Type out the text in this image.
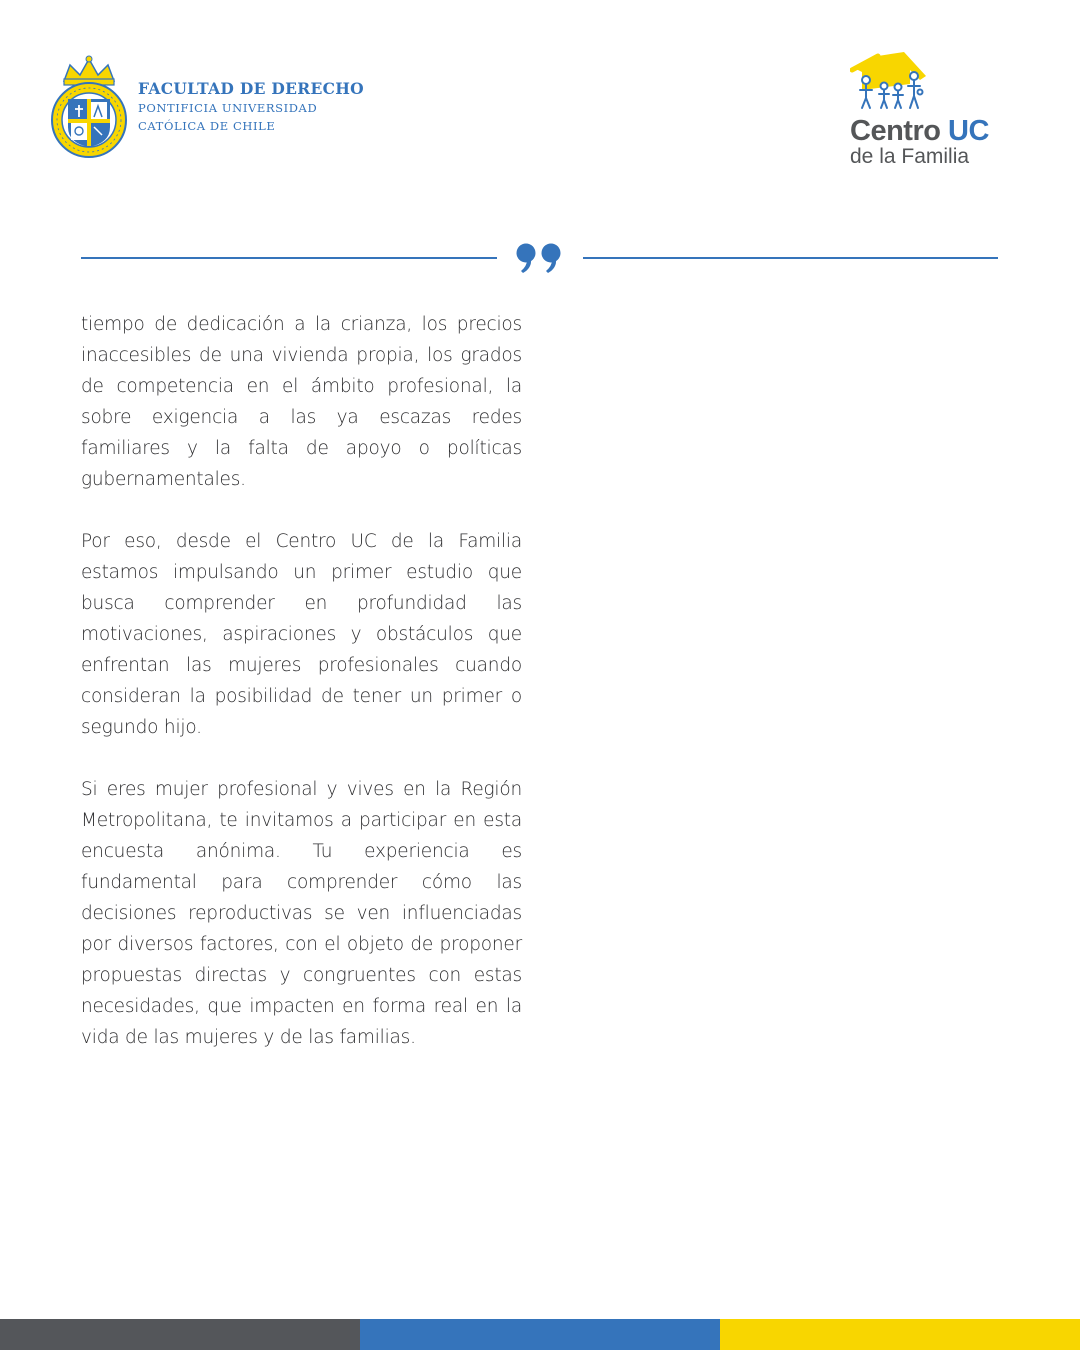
FACULTAD DE DERECHO
PONTIFICIA UNIVERSIDAD
CATÓLICA DE CHILE	Centro UC
de la Familia

tiempo de dedicación a la crianza, los precios inaccesibles de una vivienda propia, los grados de competencia en el ámbito profesional, la sobre exigencia a las ya escazas redes familiares y la falta de apoyo o políticas gubernamentales.

Por eso, desde el Centro UC de la Familia estamos impulsando un primer estudio que busca comprender en profundidad las motivaciones, aspiraciones y obstáculos que enfrentan las mujeres profesionales cuando consideran la posibilidad de tener un primer o segundo hijo.

Si eres mujer profesional y vives en la Región Metropolitana, te invitamos a participar en esta encuesta anónima. Tu experiencia es fundamental para comprender cómo las decisiones reproductivas se ven influenciadas por diversos factores, con el objeto de proponer propuestas directas y congruentes con estas necesidades, que impacten en forma real en la vida de las mujeres y de las familias.
